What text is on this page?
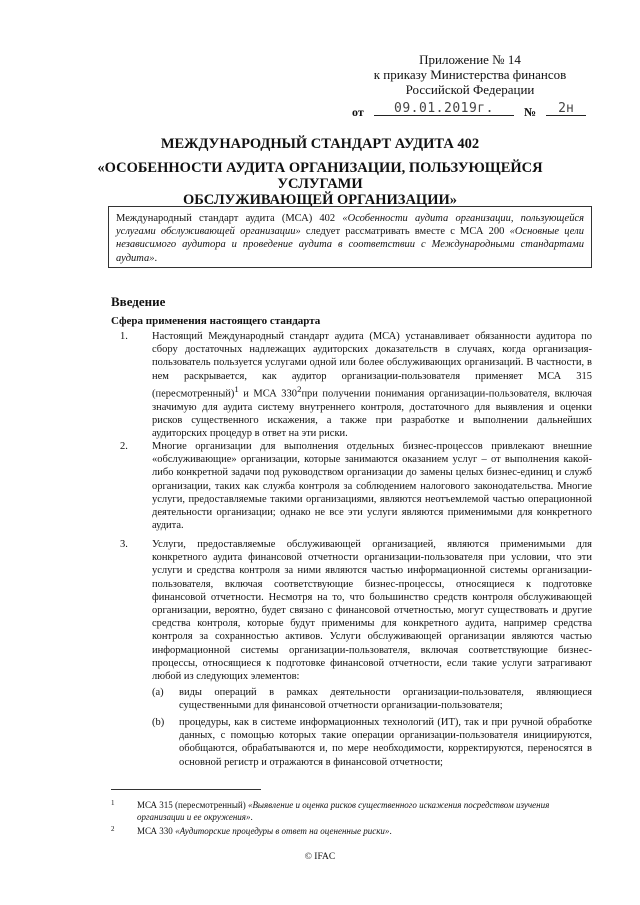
Приложение № 14
к приказу Министерства финансов
Российской Федерации
от	09.01.2019г.	№	2н
МЕЖДУНАРОДНЫЙ СТАНДАРТ АУДИТА 402
«ОСОБЕННОСТИ АУДИТА ОРГАНИЗАЦИИ, ПОЛЬЗУЮЩЕЙСЯ УСЛУГАМИ
ОБСЛУЖИВАЮЩЕЙ ОРГАНИЗАЦИИ»
Международный стандарт аудита (МСА) 402 «Особенности аудита организации, пользующейся услугами обслуживающей организации» следует рассматривать вместе с МСА 200 «Основные цели независимого аудитора и проведение аудита в соответствии с Международными стандартами аудита».
Введение
Сфера применения настоящего стандарта
1.	Настоящий Международный стандарт аудита (МСА) устанавливает обязанности аудитора по сбору достаточных надлежащих аудиторских доказательств в случаях, когда организация-пользователь пользуется услугами одной или более обслуживающих организаций. В частности, в нем раскрывается, как аудитор организации-пользователя применяет МСА 315 (пересмотренный)$^1$ и МСА $330^2при$ получении понимания организации-пользователя, включая значимую для аудита систему внутреннего контроля, достаточного для выявления и оценки рисков существенного искажения, а также при разработке и выполнении дальнейших аудиторских процедур в ответ на эти риски.
2.	Многие организации для выполнения отдельных бизнес-процессов привлекают внешние «обслуживающие» организации, которые занимаются оказанием услуг – от выполнения какой-либо конкретной задачи под руководством организации до замены целых бизнес-единиц и служб организации, таких как служба контроля за соблюдением налогового законодательства. Многие услуги, предоставляемые такими организациями, являются неотъемлемой частью операционной деятельности организации; однако не все эти услуги являются применимыми для конкретного аудита.
3.	Услуги, предоставляемые обслуживающей организацией, являются применимыми для конкретного аудита финансовой отчетности организации-пользователя при условии, что эти услуги и средства контроля за ними являются частью информационной системы организации-пользователя, включая соответствующие бизнес-процессы, относящиеся к подготовке финансовой отчетности. Несмотря на то, что большинство средств контроля обслуживающей организации, вероятно, будет связано с финансовой отчетностью, могут существовать и другие средства контроля, которые будут применимы для конкретного аудита, например средства контроля за сохранностью активов. Услуги обслуживающей организации являются частью информационной системы организации-пользователя, включая соответствующие бизнес-процессы, относящиеся к подготовке финансовой отчетности, если такие услуги затрагивают любой из следующих элементов:
(a) виды операций в рамках деятельности организации-пользователя, являющиеся существенными для финансовой отчетности организации-пользователя;
(b) процедуры, как в системе информационных технологий (ИТ), так и при ручной обработке данных, с помощью которых такие операции организации-пользователя инициируются, обобщаются, обрабатываются и, по мере необходимости, корректируются, переносятся в основной регистр и отражаются в финансовой отчетности;
1	МСА 315 (пересмотренный) «Выявление и оценка рисков существенного искажения посредством изучения организации и ее окружения».
2	МСА 330 «Аудиторские процедуры в ответ на оцененные риски».
© IFAC
